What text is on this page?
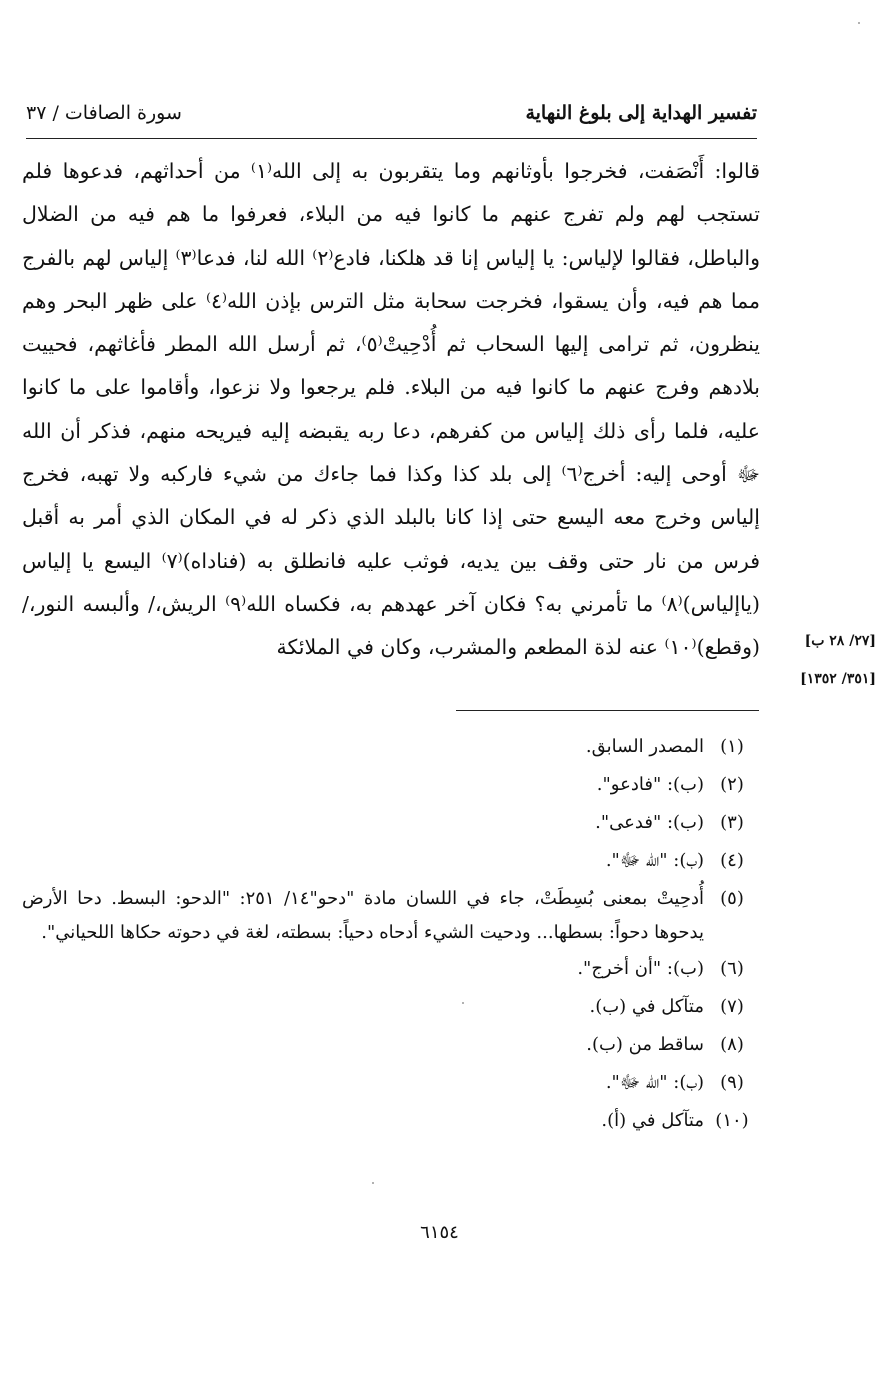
تفسير الهداية إلى بلوغ النهاية
سورة الصافات / ٣٧

قالوا: أَنْصَفت، فخرجوا بأوثانهم وما يتقربون به إلى الله⁽١⁾ من أحداثهم، فدعوها فلم تستجب لهم ولم تفرج عنهم ما كانوا فيه من البلاء، فعرفوا ما هم فيه من الضلال والباطل، فقالوا لإلياس: يا إلياس إنا قد هلكنا، فادع⁽٢⁾ الله لنا، فدعا⁽٣⁾ إلياس لهم بالفرج مما هم فيه، وأن يسقوا، فخرجت سحابة مثل الترس بإذن الله⁽٤⁾ على ظهر البحر وهم ينظرون، ثم ترامى إليها السحاب ثم أُدْحِيتْ⁽٥⁾، ثم أرسل الله المطر فأغاثهم، فحييت بلادهم وفرج عنهم ما كانوا فيه من البلاء. فلم يرجعوا ولا نزعوا، وأقاموا على ما كانوا عليه، فلما رأى ذلك إلياس من كفرهم، دعا ربه يقبضه إليه فيريحه منهم، فذكر أن الله ﷻ أوحى إليه: أخرج⁽٦⁾ إلى بلد كذا وكذا فما جاءك من شيء فاركبه ولا تهبه، فخرج إلياس وخرج معه اليسع حتى إذا كانا بالبلد الذي ذكر له في المكان الذي أمر به أقبل فرس من نار حتى وقف بين يديه، فوثب عليه فانطلق به (فناداه)⁽٧⁾ اليسع يا إلياس (ياإلياس)⁽٨⁾ ما تأمرني به؟ فكان آخر عهدهم به، فكساه الله⁽٩⁾ الريش،/ وألبسه النور،/ (وقطع)⁽١٠⁾ عنه لذة المطعم والمشرب، وكان في الملائكة	[٢٧/ ٢٨ ب]
[٣٥١/ ١٣٥٢]
(١)
المصدر السابق.
(٢)
(ب): "فادعو".
(٣)
(ب): "فدعى".
(٤)
(ب): "الله ﷻ".
(٥)
أُدحِيتْ بمعنى بُسِطَتْ، جاء في اللسان مادة "دحو"١٤/ ٢٥١: "الدحو: البسط. دحا الأرض يدحوها دحواً: بسطها... ودحيت الشيء أدحاه دحياً: بسطته، لغة في دحوته حكاها اللحياني".
(٦)
(ب): "أن أخرج".
(٧)
متآكل في (ب).
(٨)
ساقط من (ب).
(٩)
(ب): "الله ﷻ".
(١٠)
متآكل في (أ).
٦١٥٤
